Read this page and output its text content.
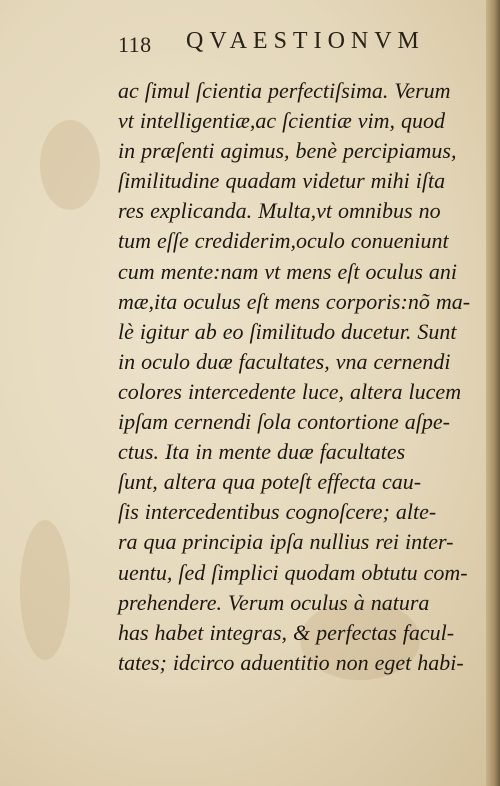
118 QVAESTIONVM
ac ſimul ſcientia perfectiſsima. Verum
vt intelligentiæ,ac ſcientiæ vim, quod
in præſenti agimus, benè percipiamus,
ſimilitudine quadam videtur mihi iſta
res explicanda. Multa,vt omnibus no
tum eſſe crediderim,oculo conueniunt
cum mente:nam vt mens eſt oculus ani
mæ,ita oculus eſt mens corporis:nõ ma-
lè igitur ab eo ſimilitudo ducetur. Sunt
in oculo duæ facultates, vna cernendi
colores intercedente luce, altera lucem
ipſam cernendi ſola contortione aſpe-
ctus. Ita in mente duæ facultates
ſunt, altera qua poteſt effecta cau-
ſis intercedentibus cognoſcere; alte-
ra qua principia ipſa nullius rei inter-
uentu, ſed ſimplici quodam obtutu com-
prehendere. Verum oculus à natura
has habet integras, & perfectas facul-
tates; idcirco aduentitio non eget habi-
